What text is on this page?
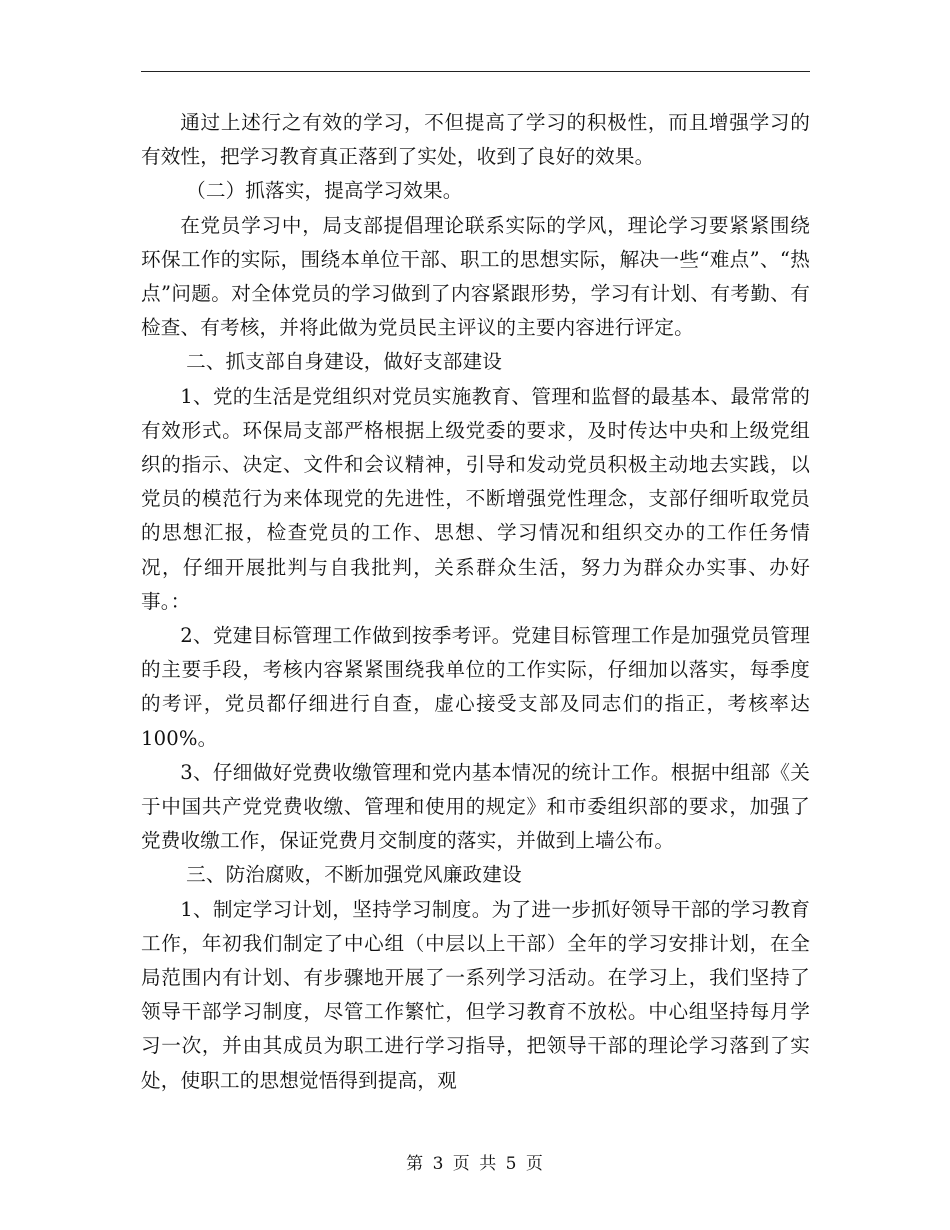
通过上述行之有效的学习，不但提高了学习的积极性，而且增强学习的有效性，把学习教育真正落到了实处，收到了良好的效果。

（二）抓落实，提高学习效果。

在党员学习中，局支部提倡理论联系实际的学风，理论学习要紧紧围绕环保工作的实际，围绕本单位干部、职工的思想实际，解决一些“难点”、“热点”问题。对全体党员的学习做到了内容紧跟形势，学习有计划、有考勤、有检查、有考核，并将此做为党员民主评议的主要内容进行评定。

二、抓支部自身建设，做好支部建设

1、党的生活是党组织对党员实施教育、管理和监督的最基本、最常常的有效形式。环保局支部严格根据上级党委的要求，及时传达中央和上级党组织的指示、决定、文件和会议精神，引导和发动党员积极主动地去实践，以党员的模范行为来体现党的先进性，不断增强党性理念，支部仔细听取党员的思想汇报，检查党员的工作、思想、学习情况和组织交办的工作任务情况，仔细开展批判与自我批判，关系群众生活，努力为群众办实事、办好事。：

2、党建目标管理工作做到按季考评。党建目标管理工作是加强党员管理的主要手段，考核内容紧紧围绕我单位的工作实际，仔细加以落实，每季度的考评，党员都仔细进行自查，虚心接受支部及同志们的指正，考核率达100%。

3、仔细做好党费收缴管理和党内基本情况的统计工作。根据中组部《关于中国共产党党费收缴、管理和使用的规定》和市委组织部的要求，加强了党费收缴工作，保证党费月交制度的落实，并做到上墙公布。

三、防治腐败，不断加强党风廉政建设

1、制定学习计划，坚持学习制度。为了进一步抓好领导干部的学习教育工作，年初我们制定了中心组（中层以上干部）全年的学习安排计划，在全局范围内有计划、有步骤地开展了一系列学习活动。在学习上，我们坚持了领导干部学习制度，尽管工作繁忙，但学习教育不放松。中心组坚持每月学习一次，并由其成员为职工进行学习指导，把领导干部的理论学习落到了实处，使职工的思想觉悟得到提高，观

第 3 页 共 5 页
